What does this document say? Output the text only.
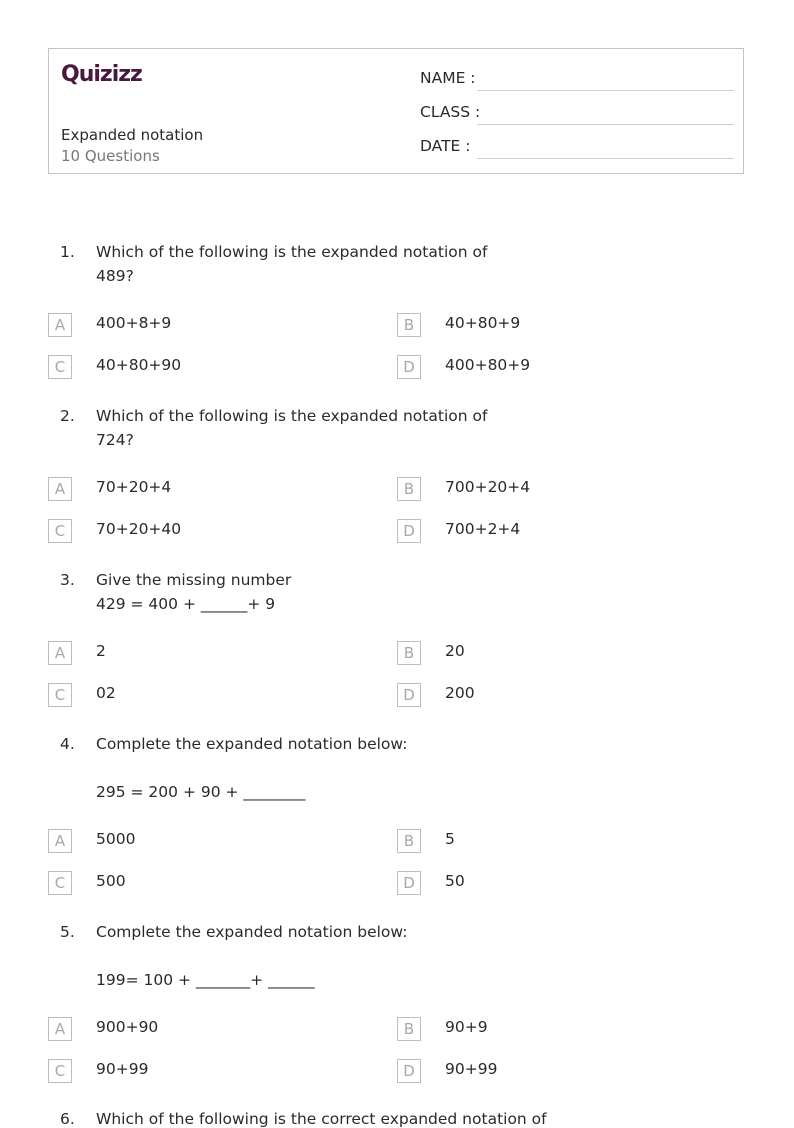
Quizizz
Expanded notation
10 Questions
NAME :
CLASS :
DATE :
1. Which of the following is the expanded notation of
489?
A	400+8+9	B	40+80+9
C	40+80+90	D	400+80+9
2. Which of the following is the expanded notation of
724?
A	70+20+4	B	700+20+4
C	70+20+40	D	700+2+4
3. Give the missing number
429 = 400 + ______+ 9
A	2	B	20
C	02	D	200
4. Complete the expanded notation below:
295 = 200 + 90 + ________
A	5000	B	5
C	500	D	50
5. Complete the expanded notation below:
199= 100 + _______+ ______
A	900+90	B	90+9
C	90+99	D	90+99
6. Which of the following is the correct expanded notation of
